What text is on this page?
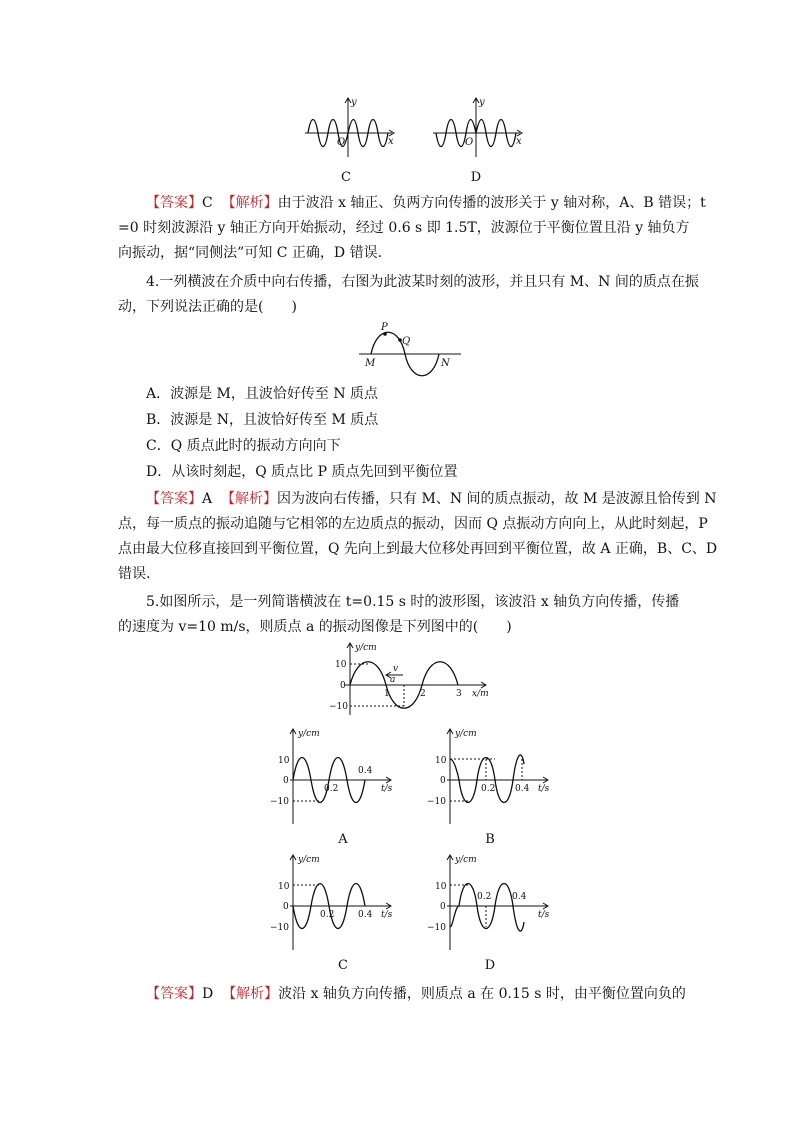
y
x
O
C
y
x
O
D
【答案】C 【解析】由于波沿 x 轴正、负两方向传播的波形关于 y 轴对称，A、B 错误；t
=0 时刻波源沿 y 轴正方向开始振动，经过 0.6 s 即 1.5T，波源位于平衡位置且沿 y 轴负方
向振动，据“同侧法”可知 C 正确，D 错误.
4.一列横波在介质中向右传播，右图为此波某时刻的波形，并且只有 M、N 间的质点在振
动，下列说法正确的是(　　)
P
Q
M	N
A．波源是 M，且波恰好传至 N 质点
B．波源是 N，且波恰好传至 M 质点
C．Q 质点此时的振动方向向下
D．从该时刻起，Q 质点比 P 质点先回到平衡位置
【答案】A 【解析】因为波向右传播，只有 M、N 间的质点振动，故 M 是波源且恰传到 N
点，每一质点的振动追随与它相邻的左边质点的振动，因而 Q 点振动方向向上，从此时刻起，P
点由最大位移直接回到平衡位置，Q 先向上到最大位移处再回到平衡位置，故 A 正确，B、C、D
错误.
5.如图所示，是一列简谐横波在 t=0.15 s 时的波形图，该波沿 x 轴负方向传播，传播
的速度为 v=10 m/s，则质点 a 的振动图像是下列图中的(　　)
y/cm
v
a
10
0
−10
1	2	3 x/m
y/cm
10
0
−10
0.2
0.4
t/s
A
y/cm
10
0
−10
0.2 0.4 t/s
B
y/cm
10
0
−10
0.2	0.4 t/s
C
y/cm
10
0
−10
0.2 0.4
t/s
D
【答案】D 【解析】波沿 x 轴负方向传播，则质点 a 在 0.15 s 时，由平衡位置向负的
